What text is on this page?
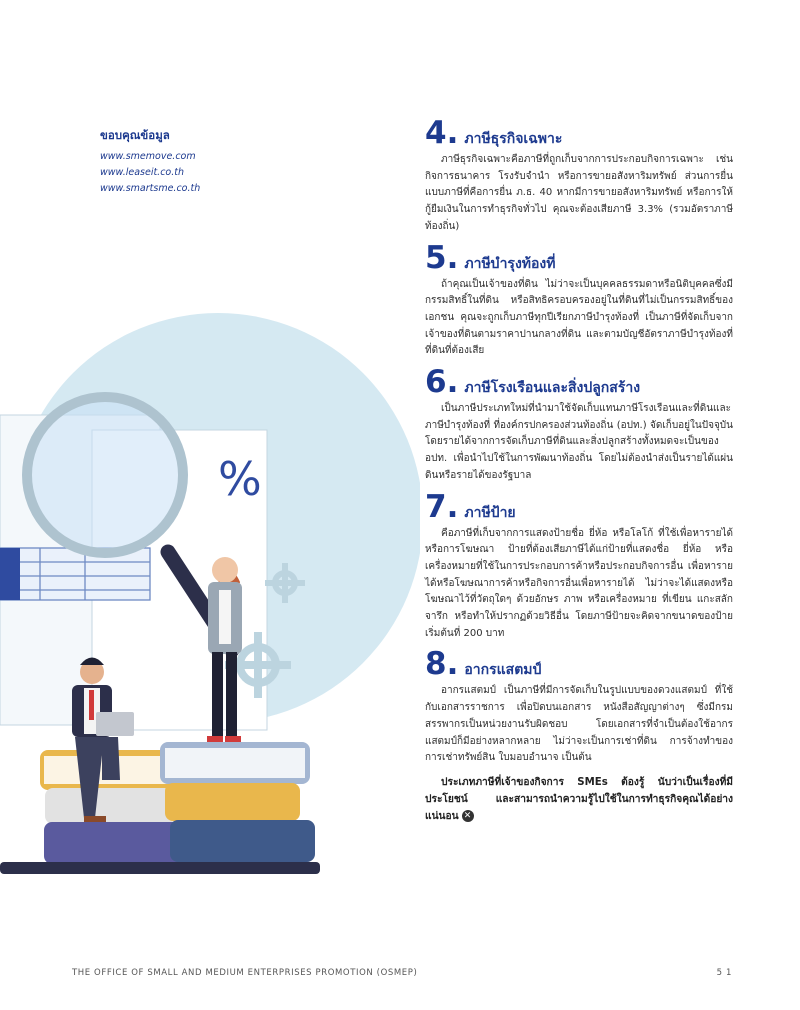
ขอบคุณข้อมูล
www.smemove.com
www.leaseit.co.th
www.smartsme.co.th
%
4. ภาษีธุรกิจเฉพาะ

ภาษีธุรกิจเฉพาะคือภาษีที่ถูกเก็บจากการประกอบกิจการเฉพาะ เช่น กิจการธนาคาร โรงรับจำนำ หรือการขายอสังหาริมทรัพย์ ส่วนการยื่นแบบภาษีที่คือการยื่น ภ.ธ. 40 หากมีการขายอสังหาริมทรัพย์ หรือการให้กู้ยืมเงินในการทำธุรกิจทั่วไป คุณจะต้องเสียภาษี 3.3% (รวมอัตราภาษีท้องถิ่น)

5. ภาษีบำรุงท้องที่

ถ้าคุณเป็นเจ้าของที่ดิน ไม่ว่าจะเป็นบุคคลธรรมดาหรือนิติบุคคลซึ่งมีกรรมสิทธิ์ในที่ดิน หรือสิทธิครอบครองอยู่ในที่ดินที่ไม่เป็นกรรมสิทธิ์ของเอกชน คุณจะถูกเก็บภาษีทุกปีเรียกภาษีบำรุงท้องที่ เป็นภาษีที่จัดเก็บจากเจ้าของที่ดินตามราคาปานกลางที่ดิน และตามบัญชีอัตราภาษีบำรุงท้องที่ที่ดินที่ต้องเสีย

6. ภาษีโรงเรือนและสิ่งปลูกสร้าง

เป็นภาษีประเภทใหม่ที่นำมาใช้จัดเก็บแทนภาษีโรงเรือนและที่ดินและภาษีบำรุงท้องที่ ที่องค์กรปกครองส่วนท้องถิ่น (อปท.) จัดเก็บอยู่ในปัจจุบัน โดยรายได้จากการจัดเก็บภาษีที่ดินและสิ่งปลูกสร้างทั้งหมดจะเป็นของ อปท. เพื่อนำไปใช้ในการพัฒนาท้องถิ่น โดยไม่ต้องนำส่งเป็นรายได้แผ่นดินหรือรายได้ของรัฐบาล

7. ภาษีป้าย

คือภาษีที่เก็บจากการแสดงป้ายชื่อ ยี่ห้อ หรือโลโก้ ที่ใช้เพื่อหารายได้หรือการโฆษณา ป้ายที่ต้องเสียภาษีได้แก่ป้ายที่แสดงชื่อ ยี่ห้อ หรือเครื่องหมายที่ใช้ในการประกอบการค้าหรือประกอบกิจการอื่น เพื่อหารายได้หรือโฆษณาการค้าหรือกิจการอื่นเพื่อหารายได้ ไม่ว่าจะได้แสดงหรือโฆษณาไว้ที่วัตถุใดๆ ด้วยอักษร ภาพ หรือเครื่องหมาย ที่เขียน แกะสลัก จารึก หรือทำให้ปรากฏด้วยวิธีอื่น โดยภาษีป้ายจะคิดจากขนาดของป้ายเริ่มต้นที่ 200 บาท

8. อากรแสตมป์

อากรแสตมป์ เป็นภาษีที่มีการจัดเก็บในรูปแบบของดวงแสตมป์ ที่ใช้กับเอกสารราชการ เพื่อปิดบนเอกสาร หนังสือสัญญาต่างๆ ซึ่งมีกรมสรรพากรเป็นหน่วยงานรับผิดชอบ โดยเอกสารที่จำเป็นต้องใช้อากรแสตมป์ก็มีอย่างหลากหลาย ไม่ว่าจะเป็นการเช่าที่ดิน การจ้างทำของ การเช่าทรัพย์สิน ใบมอบอำนาจ เป็นต้น

ประเภทภาษีที่เจ้าของกิจการ SMEs ต้องรู้ นับว่าเป็นเรื่องที่มีประโยชน์ และสามารถนำความรู้ไปใช้ในการทำธุรกิจคุณได้อย่างแน่นอน ✕

THE OFFICE OF SMALL AND MEDIUM ENTERPRISES PROMOTION (OSMEP)	5 1
